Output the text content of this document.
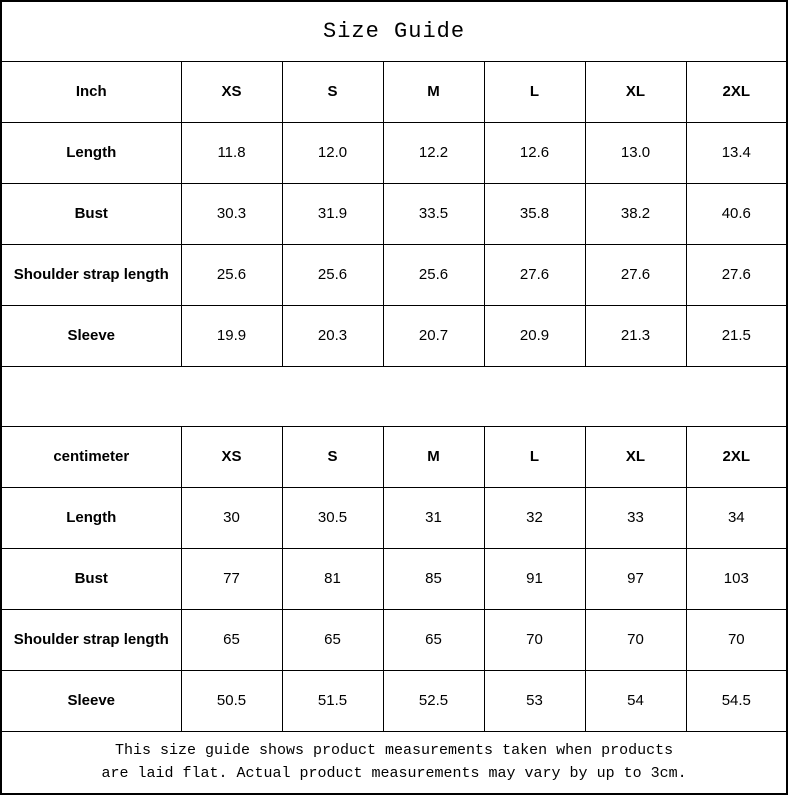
Size Guide						
Inch	XS	S	M	L	XL	2XL
Length	11.8	12.0	12.2	12.6	13.0	13.4
Bust	30.3	31.9	33.5	35.8	38.2	40.6
Shoulder strap length	25.6	25.6	25.6	27.6	27.6	27.6
Sleeve	19.9	20.3	20.7	20.9	21.3	21.5

centimeter	XS	S	M	L	XL	2XL
Length	30	30.5	31	32	33	34
Bust	77	81	85	91	97	103
Shoulder strap length	65	65	65	70	70	70
Sleeve	50.5	51.5	52.5	53	54	54.5

This size guide shows product measurements taken when products
are laid flat. Actual product measurements may vary by up to 3cm.						
